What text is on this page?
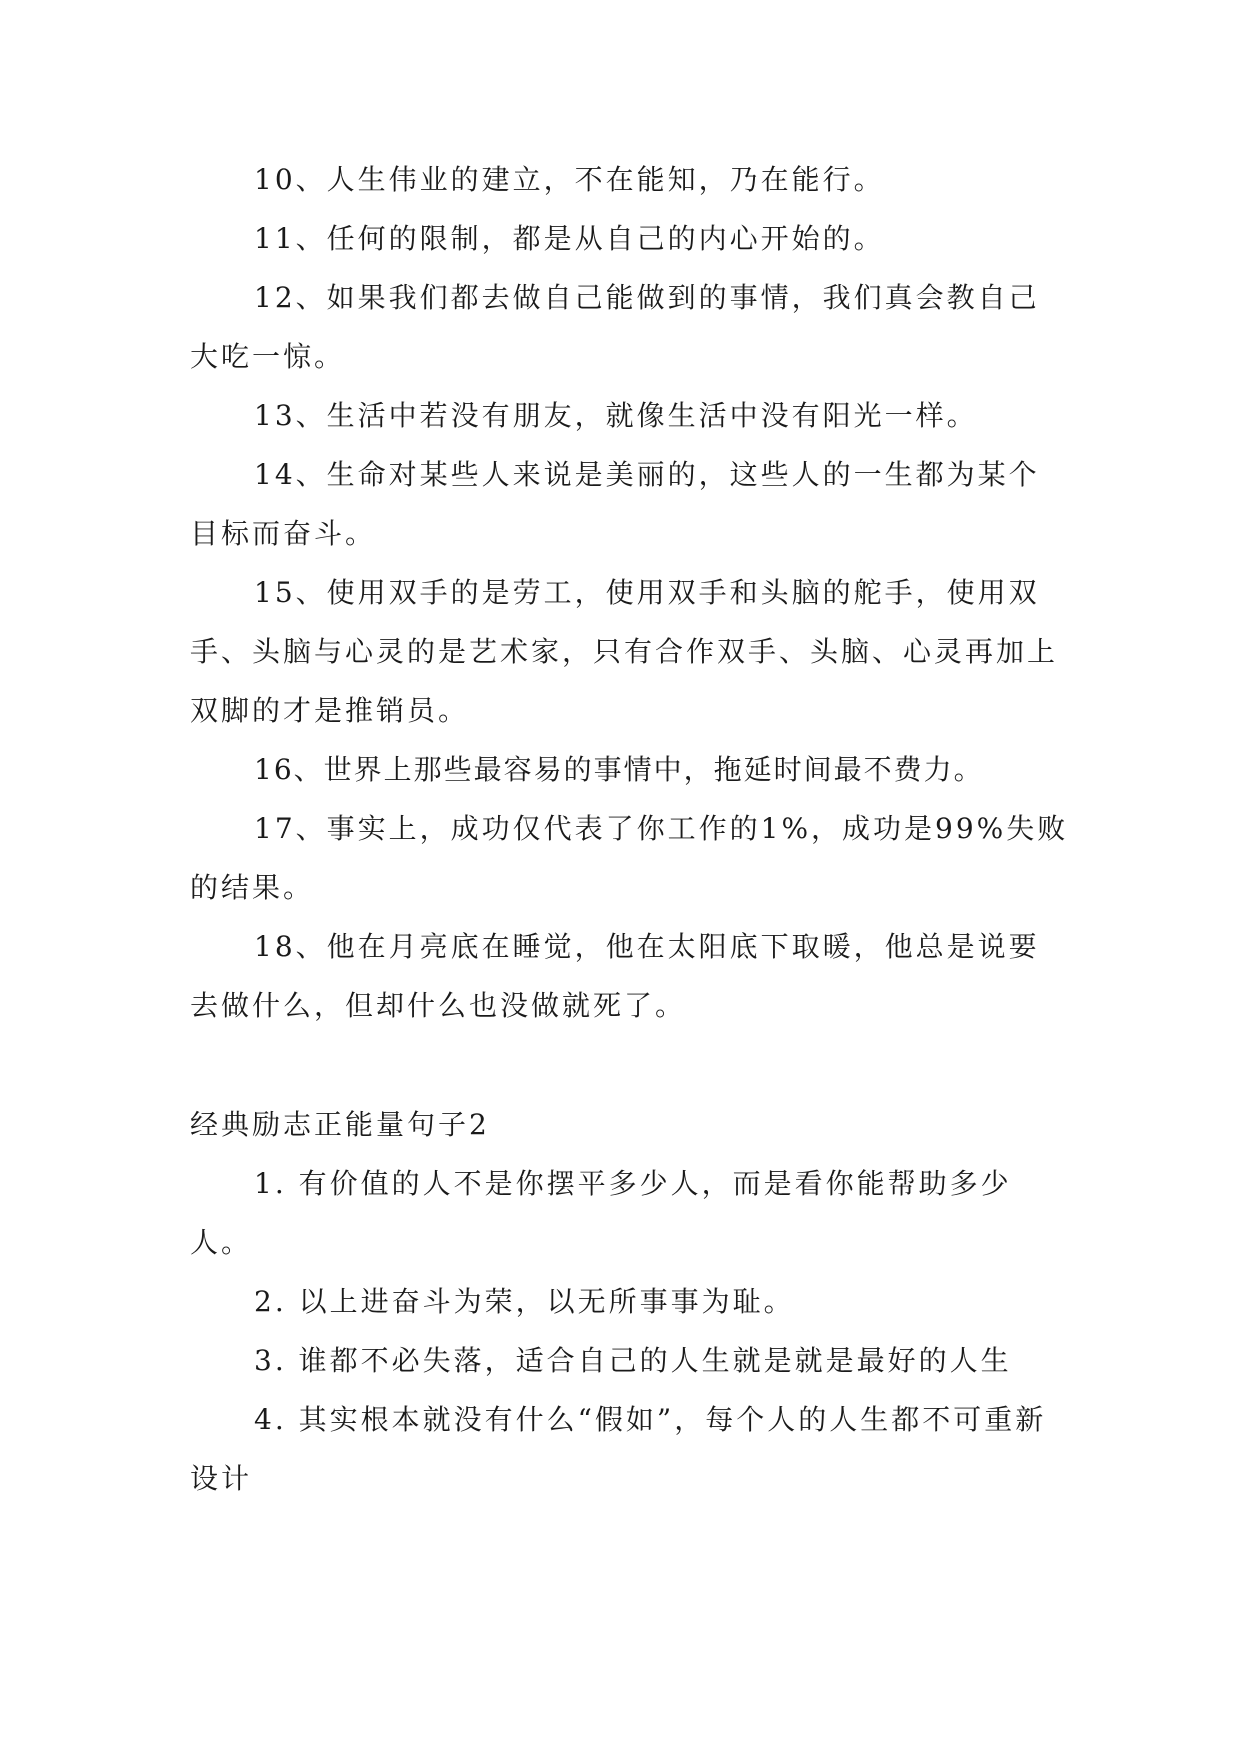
10、人生伟业的建立，不在能知，乃在能行。

11、任何的限制，都是从自己的内心开始的。

12、如果我们都去做自己能做到的事情，我们真会教自己大吃一惊。

13、生活中若没有朋友，就像生活中没有阳光一样。

14、生命对某些人来说是美丽的，这些人的一生都为某个目标而奋斗。

15、使用双手的是劳工，使用双手和头脑的舵手，使用双手、头脑与心灵的是艺术家，只有合作双手、头脑、心灵再加上双脚的才是推销员。

16、世界上那些最容易的事情中，拖延时间最不费力。

17、事实上，成功仅代表了你工作的1%，成功是99%失败的结果。

18、他在月亮底在睡觉，他在太阳底下取暖，他总是说要去做什么，但却什么也没做就死了。

经典励志正能量句子2

1. 有价值的人不是你摆平多少人，而是看你能帮助多少人。

2. 以上进奋斗为荣，以无所事事为耻。

3. 谁都不必失落，适合自己的人生就是就是最好的人生

4. 其实根本就没有什么“假如”，每个人的人生都不可重新设计
